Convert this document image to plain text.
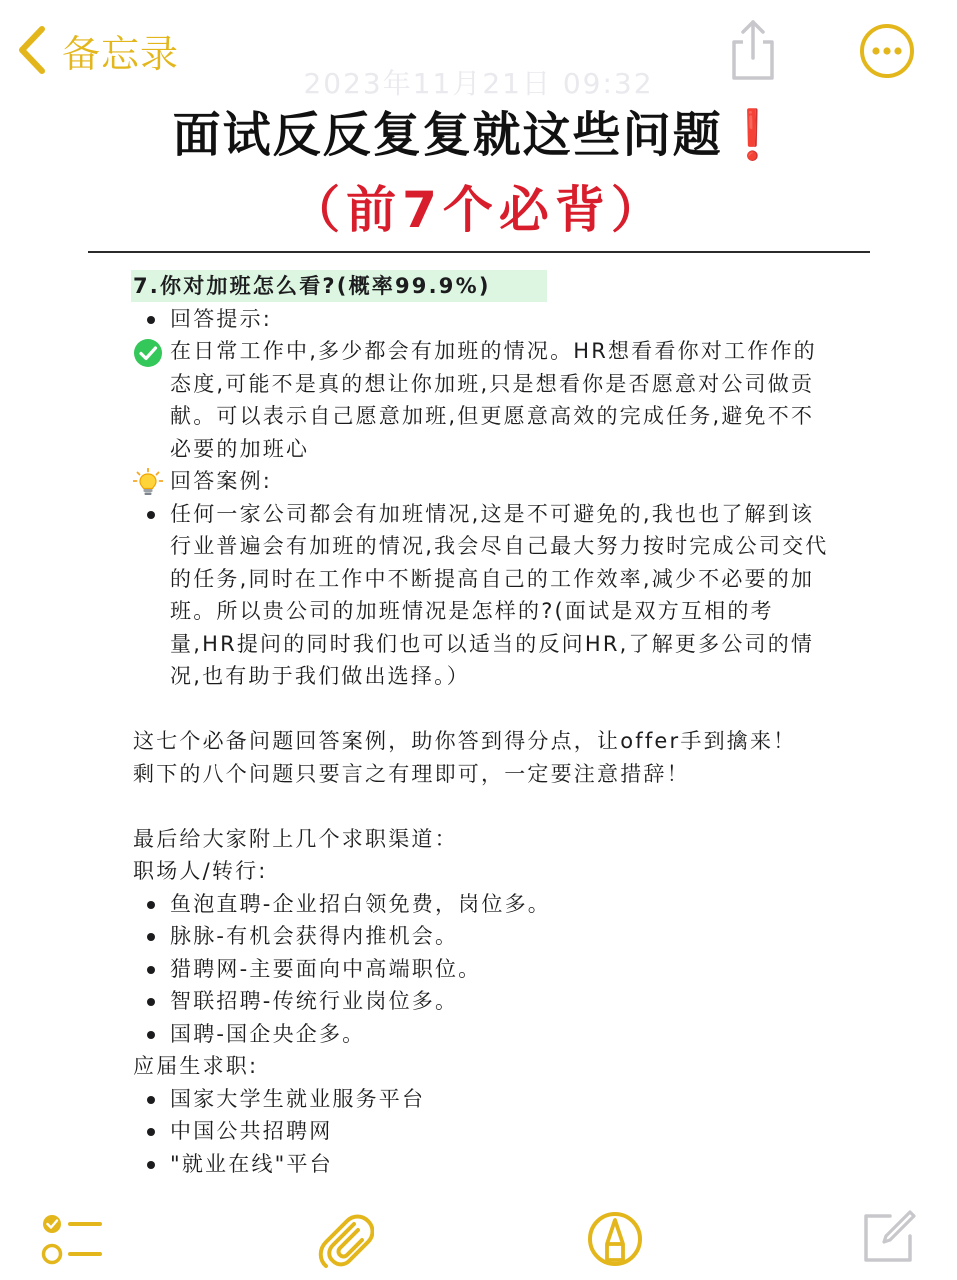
备忘录
2023年11月21日 09:32
面试反反复复就这些问题❗
（前7个必背）
7.你对加班怎么看?(概率99.9%)
回答提示:
在日常工作中,多少都会有加班的情况。HR想看看你对工作作的态度,可能不是真的想让你加班,只是想看你是否愿意对公司做贡献。可以表示自己愿意加班,但更愿意高效的完成任务,避免不不必要的加班心
回答案例:
任何一家公司都会有加班情况,这是不可避免的,我也也了解到该行业普遍会有加班的情况,我会尽自己最大努力按时完成公司交代的任务,同时在工作中不断提高自己的工作效率,减少不必要的加班。所以贵公司的加班情况是怎样的?(面试是双方互相的考量,HR提问的同时我们也可以适当的反问HR,了解更多公司的情况,也有助于我们做出选择。）
这七个必备问题回答案例，助你答到得分点，让offer手到擒来！
剩下的八个问题只要言之有理即可，一定要注意措辞！
最后给大家附上几个求职渠道：
职场人/转行:
鱼泡直聘-企业招白领免费，岗位多。
脉脉-有机会获得内推机会。
猎聘网-主要面向中高端职位。
智联招聘-传统行业岗位多。
国聘-国企央企多。
应届生求职:
国家大学生就业服务平台
中国公共招聘网
"就业在线"平台
